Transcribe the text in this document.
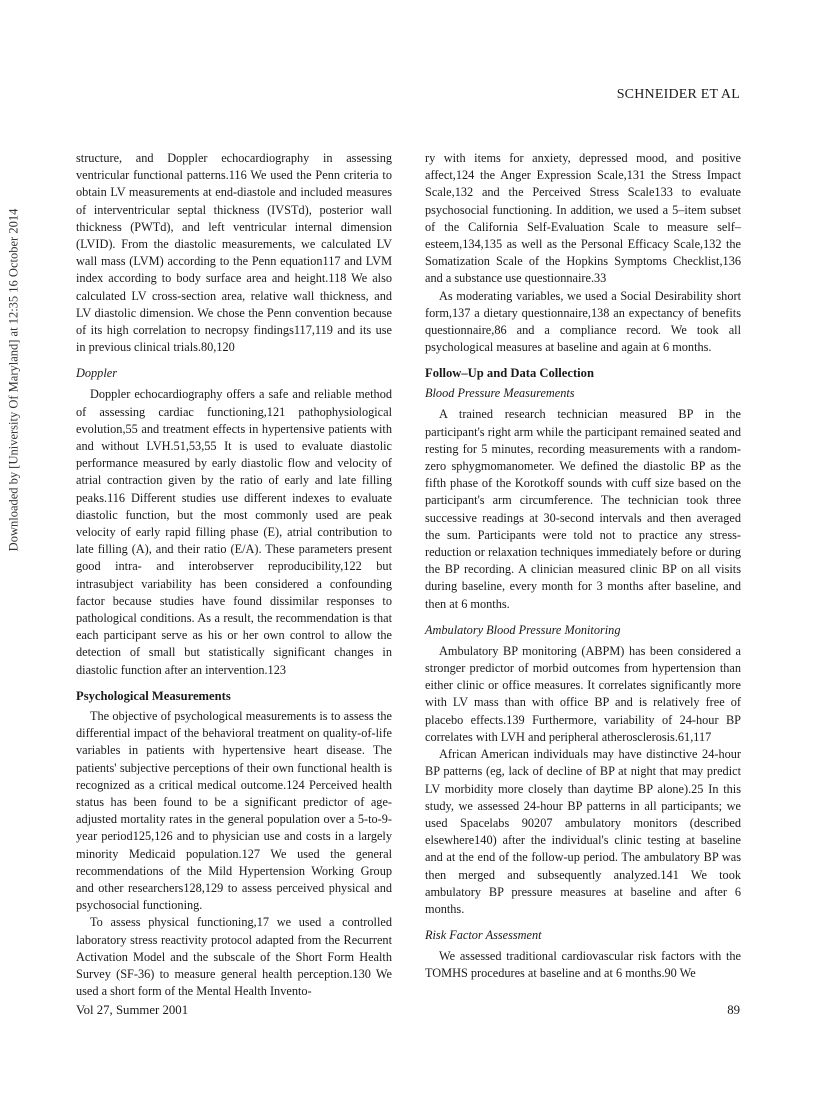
SCHNEIDER ET AL
Downloaded by [University Of Maryland] at 12:35 16 October 2014

structure, and Doppler echocardiography in assessing ventricular functional patterns.116 We used the Penn criteria to obtain LV measurements at end-diastole and included measures of interventricular septal thickness (IVSTd), posterior wall thickness (PWTd), and left ventricular internal dimension (LVID). From the diastolic measurements, we calculated LV wall mass (LVM) according to the Penn equation117 and LVM index according to body surface area and height.118 We also calculated LV cross-section area, relative wall thickness, and LV diastolic dimension. We chose the Penn convention because of its high correlation to necropsy findings117,119 and its use in previous clinical trials.80,120

Doppler

Doppler echocardiography offers a safe and reliable method of assessing cardiac functioning,121 pathophysiological evolution,55 and treatment effects in hypertensive patients with and without LVH.51,53,55 It is used to evaluate diastolic performance measured by early diastolic flow and velocity of atrial contraction given by the ratio of early and late filling peaks.116 Different studies use different indexes to evaluate diastolic function, but the most commonly used are peak velocity of early rapid filling phase (E), atrial contribution to late filling (A), and their ratio (E/A). These parameters present good intra- and interobserver reproducibility,122 but intrasubject variability has been considered a confounding factor because studies have found dissimilar responses to pathological conditions. As a result, the recommendation is that each participant serve as his or her own control to allow the detection of small but statistically significant changes in diastolic function after an intervention.123

Psychological Measurements

The objective of psychological measurements is to assess the differential impact of the behavioral treatment on quality-of-life variables in patients with hypertensive heart disease. The patients' subjective perceptions of their own functional health is recognized as a critical medical outcome.124 Perceived health status has been found to be a significant predictor of age-adjusted mortality rates in the general population over a 5-to-9-year period125,126 and to physician use and costs in a largely minority Medicaid population.127 We used the general recommendations of the Mild Hypertension Working Group and other researchers128,129 to assess perceived physical and psychosocial functioning.

To assess physical functioning,17 we used a controlled laboratory stress reactivity protocol adapted from the Recurrent Activation Model and the subscale of the Short Form Health Survey (SF-36) to measure general health perception.130 We used a short form of the Mental Health Invento-

ry with items for anxiety, depressed mood, and positive affect,124 the Anger Expression Scale,131 the Stress Impact Scale,132 and the Perceived Stress Scale133 to evaluate psychosocial functioning. In addition, we used a 5–item subset of the California Self-Evaluation Scale to measure self–esteem,134,135 as well as the Personal Efficacy Scale,132 the Somatization Scale of the Hopkins Symptoms Checklist,136 and a substance use questionnaire.33

As moderating variables, we used a Social Desirability short form,137 a dietary questionnaire,138 an expectancy of benefits questionnaire,86 and a compliance record. We took all psychological measures at baseline and again at 6 months.

Follow–Up and Data Collection
Blood Pressure Measurements

A trained research technician measured BP in the participant's right arm while the participant remained seated and resting for 5 minutes, recording measurements with a random-zero sphygmomanometer. We defined the diastolic BP as the fifth phase of the Korotkoff sounds with cuff size based on the participant's arm circumference. The technician took three successive readings at 30-second intervals and then averaged the sum. Participants were told not to practice any stress-reduction or relaxation techniques immediately before or during the BP recording. A clinician measured clinic BP on all visits during baseline, every month for 3 months after baseline, and then at 6 months.

Ambulatory Blood Pressure Monitoring

Ambulatory BP monitoring (ABPM) has been considered a stronger predictor of morbid outcomes from hypertension than either clinic or office measures. It correlates significantly more with LV mass than with office BP and is relatively free of placebo effects.139 Furthermore, variability of 24-hour BP correlates with LVH and peripheral atherosclerosis.61,117

African American individuals may have distinctive 24-hour BP patterns (eg, lack of decline of BP at night that may predict LV morbidity more closely than daytime BP alone).25 In this study, we assessed 24-hour BP patterns in all participants; we used Spacelabs 90207 ambulatory monitors (described elsewhere140) after the individual's clinic testing at baseline and at the end of the follow-up period. The ambulatory BP was then merged and subsequently analyzed.141 We took ambulatory BP pressure measures at baseline and after 6 months.

Risk Factor Assessment

We assessed traditional cardiovascular risk factors with the TOMHS procedures at baseline and at 6 months.90 We

Vol 27, Summer 2001	89
